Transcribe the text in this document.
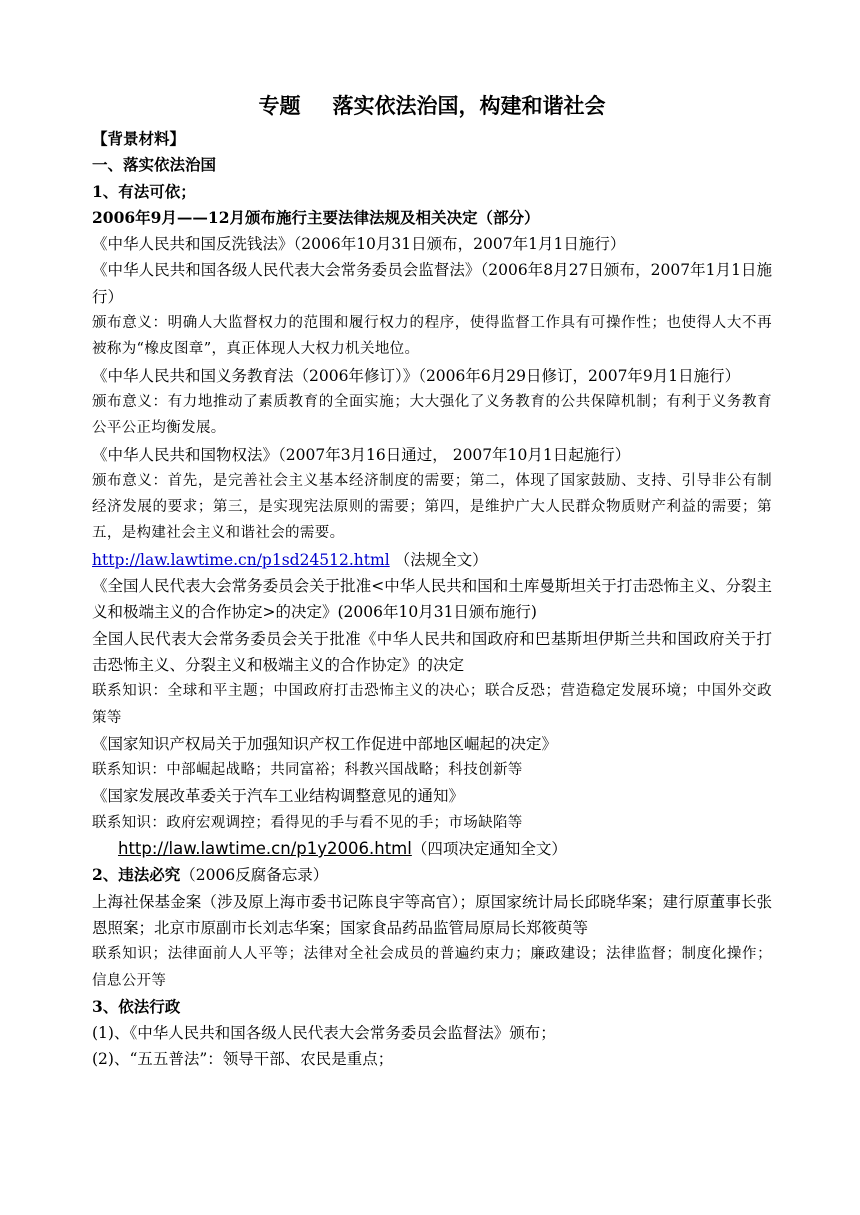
专题 落实依法治国，构建和谐社会

【背景材料】

一、落实依法治国

1、有法可依；

2006年9月——12月颁布施行主要法律法规及相关决定（部分）

《中华人民共和国反洗钱法》（2006年10月31日颁布，2007年1月1日施行）

《中华人民共和国各级人民代表大会常务委员会监督法》（2006年8月27日颁布，2007年1月1日施行）

颁布意义：明确人大监督权力的范围和履行权力的程序，使得监督工作具有可操作性；也使得人大不再被称为“橡皮图章”，真正体现人大权力机关地位。

《中华人民共和国义务教育法（2006年修订）》（2006年6月29日修订，2007年9月1日施行）

颁布意义：有力地推动了素质教育的全面实施；大大强化了义务教育的公共保障机制；有利于义务教育公平公正均衡发展。

《中华人民共和国物权法》（2007年3月16日通过， 2007年10月1日起施行）

颁布意义：首先，是完善社会主义基本经济制度的需要；第二，体现了国家鼓励、支持、引导非公有制经济发展的要求；第三，是实现宪法原则的需要；第四，是维护广大人民群众物质财产利益的需要；第五，是构建社会主义和谐社会的需要。

http://law.lawtime.cn/p1sd24512.html （法规全文）

《全国人民代表大会常务委员会关于批准<中华人民共和国和土库曼斯坦关于打击恐怖主义、分裂主义和极端主义的合作协定>的决定》(2006年10月31日颁布施行)

全国人民代表大会常务委员会关于批准《中华人民共和国政府和巴基斯坦伊斯兰共和国政府关于打击恐怖主义、分裂主义和极端主义的合作协定》的决定

联系知识：全球和平主题；中国政府打击恐怖主义的决心；联合反恐；营造稳定发展环境；中国外交政策等

《国家知识产权局关于加强知识产权工作促进中部地区崛起的决定》

联系知识：中部崛起战略；共同富裕；科教兴国战略；科技创新等

《国家发展改革委关于汽车工业结构调整意见的通知》

联系知识：政府宏观调控；看得见的手与看不见的手；市场缺陷等

http://law.lawtime.cn/p1y2006.html（四项决定通知全文）

2、违法必究（2006反腐备忘录）

上海社保基金案（涉及原上海市委书记陈良宇等高官）；原国家统计局长邱晓华案；建行原董事长张恩照案；北京市原副市长刘志华案；国家食品药品监管局原局长郑筱萸等

联系知识；法律面前人人平等；法律对全社会成员的普遍约束力；廉政建设；法律监督；制度化操作；信息公开等

3、依法行政

(1)、《中华人民共和国各级人民代表大会常务委员会监督法》颁布；

(2)、“五五普法”：领导干部、农民是重点；
